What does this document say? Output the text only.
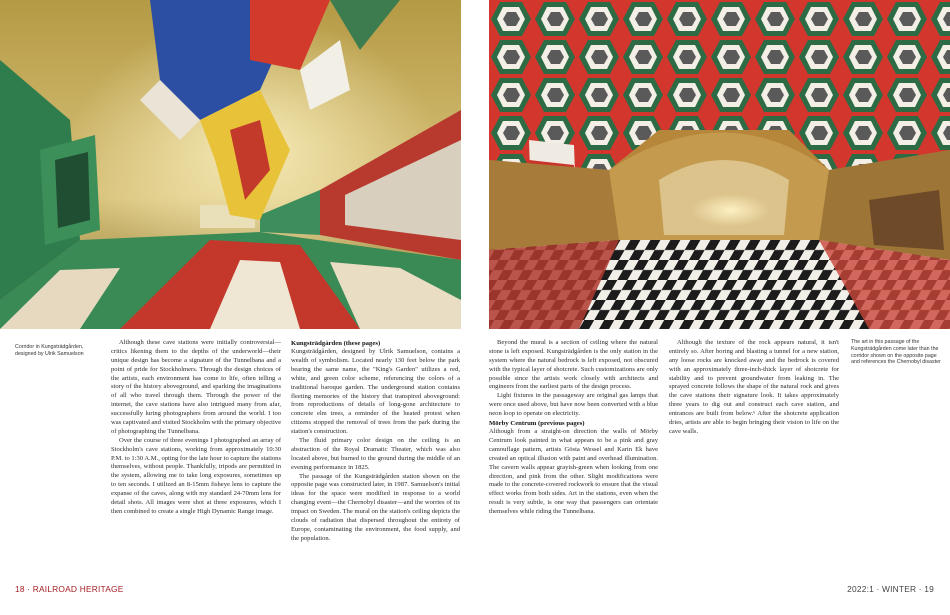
Corridor in Kungsträdgården, designed by Ulrik Samuelson
The art in this passage of the Kungsträdgården come later than the corridor shown on the opposite page and references the Chernobyl disaster

Although these cave stations were initially controversial—critics likening them to the depths of the underworld—their unique design has become a signature of the Tunnelbana and a point of pride for Stockholmers. Through the design choices of the artists, each environment has come to life, often telling a story of the history aboveground, and sparking the imaginations of all who travel through them. Through the power of the internet, the cave stations have also intrigued many from afar, successfully luring photographers from around the world. I too was captivated and visited Stockholm with the primary objective of photographing the Tunnelbana.

Over the course of three evenings I photographed an array of Stockholm's cave stations, working from approximately 10:30 P.M. to 1:30 A.M., opting for the late hour to capture the stations themselves, without people. Thankfully, tripods are permitted in the system, allowing me to take long exposures, sometimes up to ten seconds. I utilized an 8-15mm fisheye lens to capture the expanse of the caves, along with my standard 24-70mm lens for detail shots. All images were shot at three exposures, which I then combined to create a single High Dynamic Range image.

Kungsträdgården (these pages)

Kungsträdgården, designed by Ulrik Samuelson, contains a wealth of symbolism. Located nearly 130 feet below the park bearing the same name, the "King's Garden" utilizes a red, white, and green color scheme, referencing the colors of a traditional baroque garden. The underground station contains fleeting memories of the history that transpired aboveground: from reproductions of details of long-gone architecture to concrete elm trees, a reminder of the heated protest when citizens stopped the removal of trees from the park during the station's construction.

The fluid primary color design on the ceiling is an abstraction of the Royal Dramatic Theater, which was also located above, but burned to the ground during the middle of an evening performance in 1825.

The passage of the Kungsträdgården station shown on the opposite page was constructed later, in 1987. Samuelson's initial ideas for the space were modified in response to a world changing event—the Chernobyl disaster—and the worries of its impact on Sweden. The mural on the station's ceiling depicts the clouds of radiation that dispersed throughout the entirety of Europe, contaminating the environment, the food supply, and the population.

Beyond the mural is a section of ceiling where the natural stone is left exposed. Kungsträdgården is the only station in the system where the natural bedrock is left exposed, not obscured with the typical layer of shotcrete. Such customizations are only possible since the artists work closely with architects and engineers from the earliest parts of the design process.

Light fixtures in the passageway are original gas lamps that were once used above, but have now been converted with a blue neon loop to operate on electricity.

Mörby Centrum (previous pages)

Although from a straight-on direction the walls of Mörby Centrum look painted in what appears to be a pink and gray camouflage pattern, artists Gösta Wessel and Karin Ek have created an optical illusion with paint and overhead illumination. The cavern walls appear grayish-green when looking from one direction, and pink from the other. Slight modifications were made to the concrete-covered rockwork to ensure that the visual effect works from both sides. Art in the stations, even when the result is very subtle, is one way that passengers can orientate themselves while riding the Tunnelbana.

Although the texture of the rock appears natural, it isn't entirely so. After boring and blasting a tunnel for a new station, any loose rocks are knocked away and the bedrock is covered with an approximately three-inch-thick layer of shotcrete for stability and to prevent groundwater from leaking in. The sprayed concrete follows the shape of the natural rock and gives the cave stations their signature look. It takes approximately three years to dig out and construct each cave station, and entrances are built from below.⁶ After the shotcrete application dries, artists are able to begin bringing their vision to life on the cave walls.

18 · RAILROAD HERITAGE	2022:1 · WINTER · 19
